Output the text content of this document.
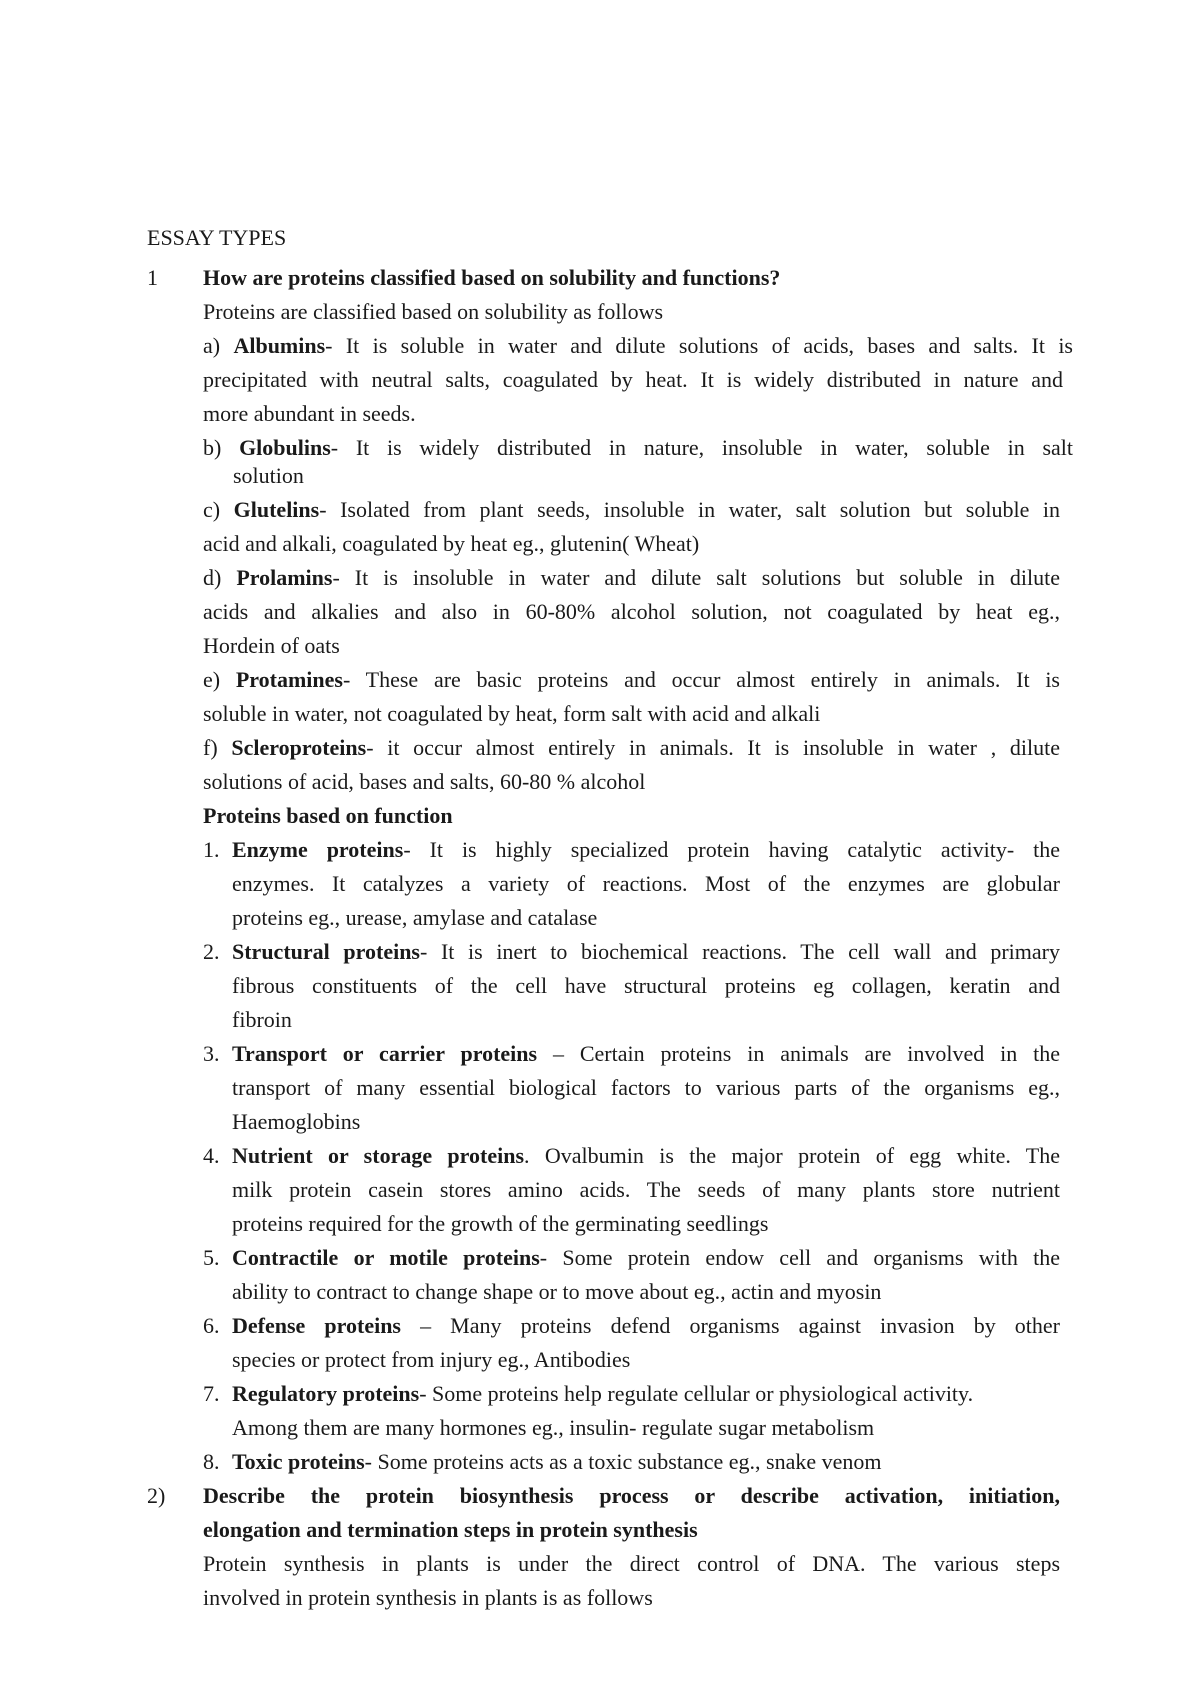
ESSAY TYPES
1 How are proteins classified based on solubility and functions?
Proteins are classified based on solubility as follows
a) Albumins- It is soluble in water and dilute solutions of acids, bases and salts. It is
precipitated with neutral salts, coagulated by heat. It is widely distributed in nature and
more abundant in seeds.
b) Globulins- It is widely distributed in nature, insoluble in water, soluble in salt
solution
c) Glutelins- Isolated from plant seeds, insoluble in water, salt solution but soluble in
acid and alkali, coagulated by heat eg., glutenin( Wheat)
d) Prolamins- It is insoluble in water and dilute salt solutions but soluble in dilute
acids and alkalies and also in 60-80% alcohol solution, not coagulated by heat eg.,
Hordein of oats
e) Protamines- These are basic proteins and occur almost entirely in animals. It is
soluble in water, not coagulated by heat, form salt with acid and alkali
f) Scleroproteins- it occur almost entirely in animals. It is insoluble in water , dilute
solutions of acid, bases and salts, 60-80 % alcohol
Proteins based on function
1. Enzyme proteins- It is highly specialized protein having catalytic activity- the
enzymes. It catalyzes a variety of reactions. Most of the enzymes are globular
proteins eg., urease, amylase and catalase
2. Structural proteins- It is inert to biochemical reactions. The cell wall and primary
fibrous constituents of the cell have structural proteins eg collagen, keratin and
fibroin
3. Transport or carrier proteins – Certain proteins in animals are involved in the
transport of many essential biological factors to various parts of the organisms eg.,
Haemoglobins
4. Nutrient or storage proteins. Ovalbumin is the major protein of egg white. The
milk protein casein stores amino acids. The seeds of many plants store nutrient
proteins required for the growth of the germinating seedlings
5. Contractile or motile proteins- Some protein endow cell and organisms with the
ability to contract to change shape or to move about eg., actin and myosin
6. Defense proteins – Many proteins defend organisms against invasion by other
species or protect from injury eg., Antibodies
7. Regulatory proteins- Some proteins help regulate cellular or physiological activity.
Among them are many hormones eg., insulin- regulate sugar metabolism
8. Toxic proteins- Some proteins acts as a toxic substance eg., snake venom
2) Describe the protein biosynthesis process or describe activation, initiation,
elongation and termination steps in protein synthesis
Protein synthesis in plants is under the direct control of DNA. The various steps
involved in protein synthesis in plants is as follows
